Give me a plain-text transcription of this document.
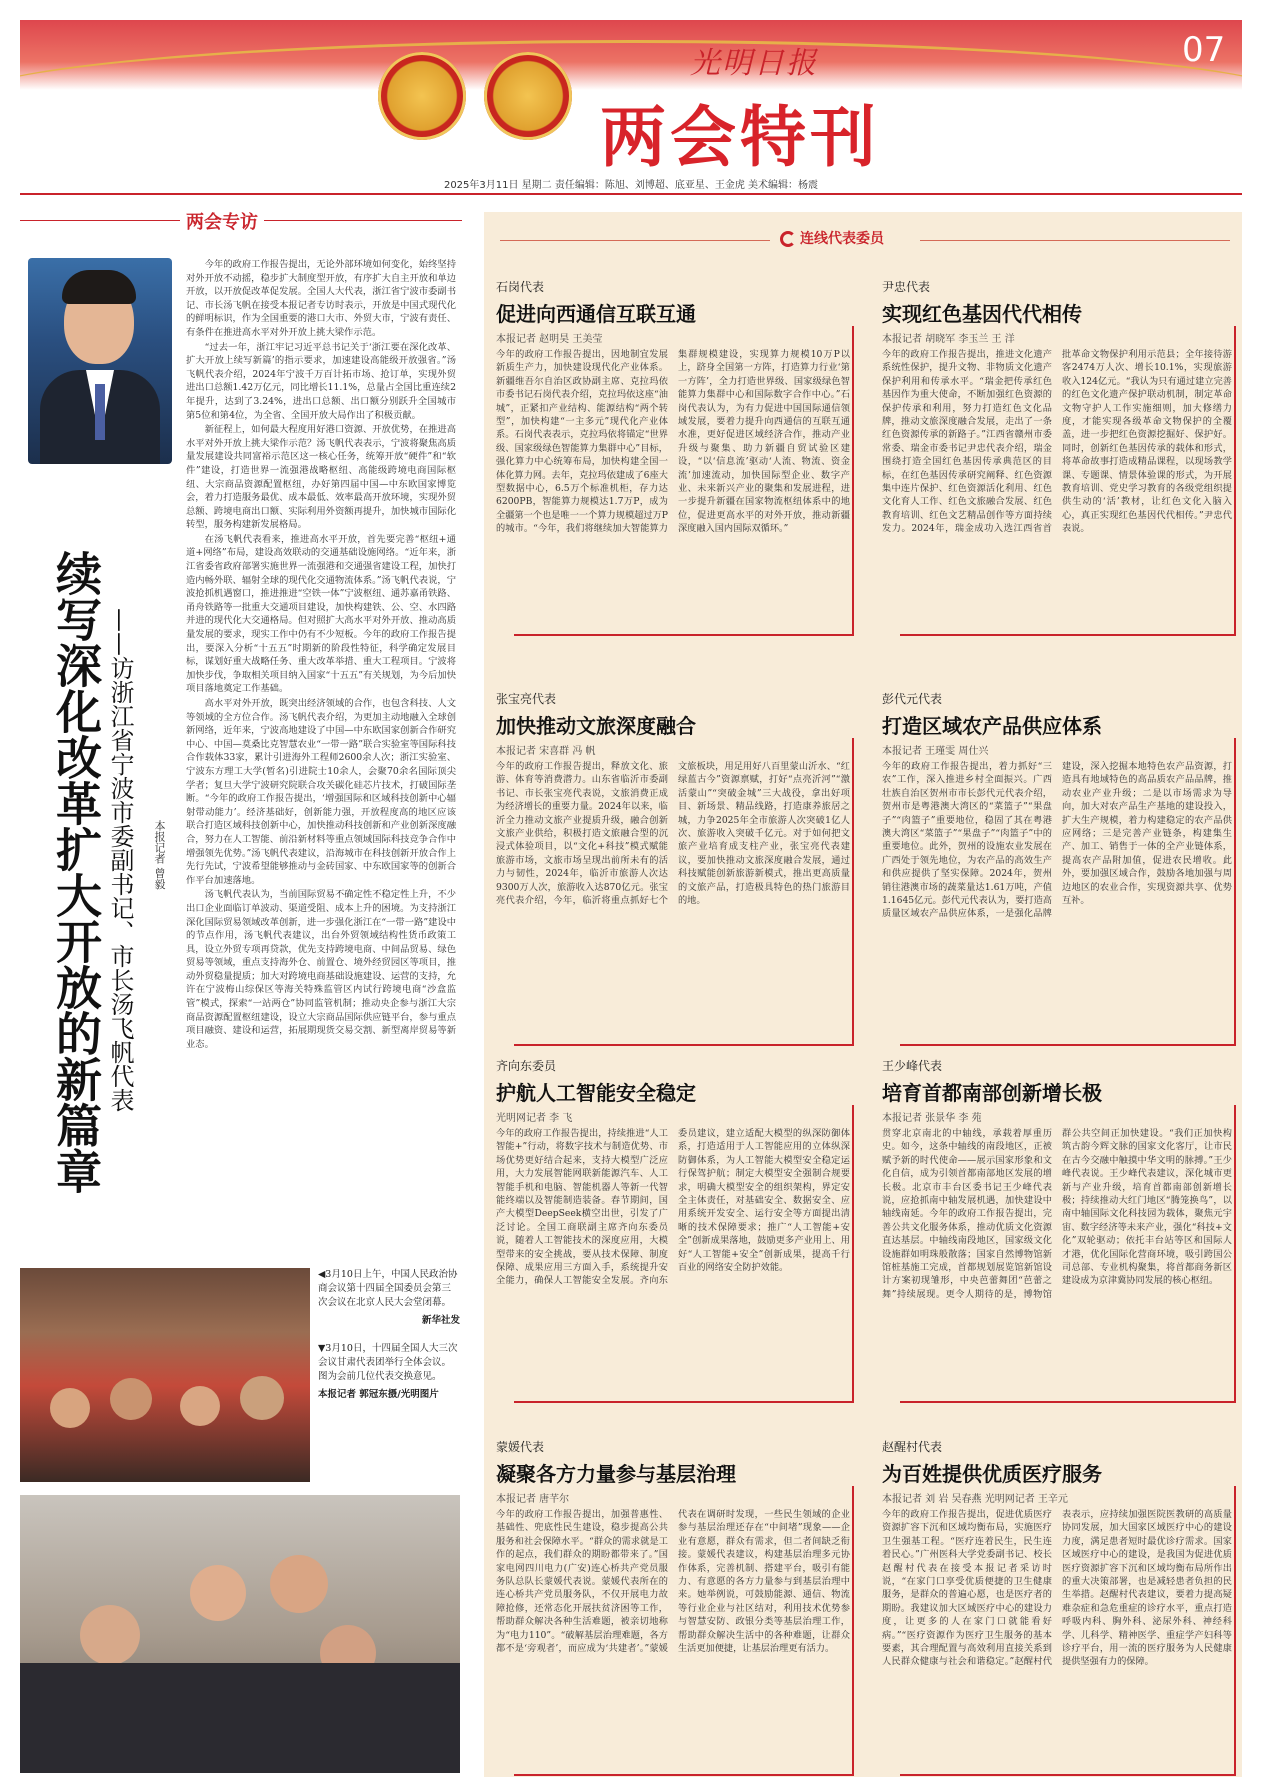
光明日报
两会特刊
07
2025年3月11日 星期二 责任编辑：陈旭、刘博超、底亚星、王金虎 美术编辑：杨震
两会专访
续写深化改革扩大开放的新篇章 ——访浙江省宁波市委副书记、市长汤飞帆代表	本报记者 曾毅

今年的政府工作报告提出，无论外部环境如何变化，始终坚持对外开放不动摇，稳步扩大制度型开放，有序扩大自主开放和单边开放，以开放促改革促发展。全国人大代表，浙江省宁波市委副书记、市长汤飞帆在接受本报记者专访时表示，开放是中国式现代化的鲜明标识，作为全国重要的港口大市、外贸大市，宁波有责任、有条件在推进高水平对外开放上挑大梁作示范。

“过去一年，浙江牢记习近平总书记关于‘浙江要在深化改革、扩大开放上续写新篇’的指示要求，加速建设高能级开放强省。”汤飞帆代表介绍，2024年宁波千万百计拓市场、抢订单，实现外贸进出口总额1.42万亿元，同比增长11.1%，总量占全国比重连续2年提升，达到了3.24%，进出口总额、出口额分别跃升全国城市第5位和第4位，为全省、全国开放大局作出了积极贡献。

新征程上，如何最大程度用好港口资源、开放优势，在推进高水平对外开放上挑大梁作示范？汤飞帆代表表示，宁波将聚焦高质量发展建设共同富裕示范区这一核心任务，统筹开放“硬件”和“软件”建设，打造世界一流强港战略枢纽、高能级跨境电商国际枢纽、大宗商品资源配置枢纽，办好第四届中国—中东欧国家博览会，着力打造服务最优、成本最低、效率最高开放环境，实现外贸总额、跨境电商出口额、实际利用外资额再提升，加快城市国际化转型，服务构建新发展格局。

在汤飞帆代表看来，推进高水平开放，首先要完善“枢纽+通道+网络”布局，建设高效联动的交通基础设施网络。“近年来，浙江省委省政府部署实施世界一流强港和交通强省建设工程，加快打造内畅外联、辐射全球的现代化交通物流体系。”汤飞帆代表说，宁波抢抓机遇窗口，推进推进“空铁一体”宁波枢纽、通苏嘉甬铁路、甬舟铁路等一批重大交通项目建设，加快构建铁、公、空、水四路并进的现代化大交通格局。但对照扩大高水平对外开放、推动高质量发展的要求，现实工作中仍有不少短板。今年的政府工作报告提出，要深入分析“十五五”时期新的阶段性特征，科学确定发展目标，谋划好重大战略任务、重大改革举措、重大工程项目。宁波将加快步伐，争取相关项目纳入国家“十五五”有关规划，为今后加快项目落地奠定工作基础。

高水平对外开放，既突出经济领域的合作，也包含科技、人文等领域的全方位合作。汤飞帆代表介绍，为更加主动地融入全球创新网络，近年来，宁波高地建设了中国—中东欧国家创新合作研究中心、中国—莫桑比克智慧农业“一带一路”联合实验室等国际科技合作载体33家，累计引进海外工程师2600余人次；浙江实验室、宁波东方理工大学(暂名)引进院士10余人，会聚70余名国际顶尖学者；复旦大学宁波研究院联合攻关碳化硅芯片技术，打破国际垄断。“今年的政府工作报告提出，‘增强国际和区域科技创新中心辐射带动能力’。经济基础好，创新能力强，开放程度高的地区应该联合打造区域科技创新中心，加快推动科技创新和产业创新深度融合，努力在人工智能、前沿新材料等重点领域国际科技竞争合作中增强领先优势。”汤飞帆代表建议，沿海城市在科技创新开放合作上先行先试，宁波希望能够推动与金砖国家、中东欧国家等的创新合作平台加速落地。

汤飞帆代表认为，当前国际贸易不确定性不稳定性上升，不少出口企业面临订单波动、渠道受阻、成本上升的困境。为支持浙江深化国际贸易领域改革创新，进一步强化浙江在“一带一路”建设中的节点作用，汤飞帆代表建议，出台外贸领域结构性货币政策工具，设立外贸专项再贷款，优先支持跨境电商、中间品贸易、绿色贸易等领域，重点支持海外仓、前置仓、境外经贸园区等项目，推动外贸稳量提质；加大对跨境电商基础设施建设、运营的支持，允许在宁波梅山综保区等海关特殊监管区内试行跨境电商“沙盒监管”模式，探索“一站两仓”协同监管机制；推动央企参与浙江大宗商品资源配置枢纽建设，设立大宗商品国际供应链平台，参与重点项目融资、建设和运营，拓展期现货交易交割、新型离岸贸易等新业态。

◀3月10日上午，中国人民政治协商会议第十四届全国委员会第三次会议在北京人民大会堂闭幕。
新华社发
▼3月10日，十四届全国人大三次会议甘肃代表团举行全体会议。图为会前几位代表交换意见。
本报记者 郭冠东摄/光明图片
连线代表委员
石岗代表
促进向西通信互联互通
本报记者 赵明昊 王美莹
今年的政府工作报告提出，因地制宜发展新质生产力，加快建设现代化产业体系。新疆维吾尔自治区政协副主席、克拉玛依市委书记石岗代表介绍，克拉玛依这座“油城”，正紧扣产业结构、能源结构“两个转型”，加快构建“一主多元”现代化产业体系。石岗代表表示，克拉玛依将锚定“世界级、国家级绿色智能算力集群中心”目标，强化算力中心统筹布局，加快构建全国一体化算力网。去年，克拉玛依建成了6座大型数据中心，6.5万个标准机柜，存力达6200PB，智能算力规模达1.7万P，成为全疆第一个也是唯一一个算力规模超过万P的城市。“今年，我们将继续加大智能算力集群规模建设，实现算力规模10万P以上，跻身全国第一方阵，打造算力行业‘第一方阵’，全力打造世界级、国家级绿色智能算力集群中心和国际数字合作中心。”石岗代表认为，为有力促进中国国际通信领域发展，要着力提升向西通信的互联互通水准，更好促进区域经济合作，推动产业升级与聚集、助力新疆自贸试验区建设，“以‘信息流’驱动‘人流、物流、资金流’加速流动，加快国际型企业、数字产业、未来新兴产业的聚集和发展进程，进一步提升新疆在国家物流枢纽体系中的地位，促进更高水平的对外开放，推动新疆深度融入国内国际双循环。”
尹忠代表
实现红色基因代代相传
本报记者 胡晓军 李玉兰 王 洋
今年的政府工作报告提出，推进文化遗产系统性保护，提升文物、非物质文化遗产保护利用和传承水平。“瑞金把传承红色基因作为重大使命，不断加强红色资源的保护传承和利用，努力打造红色文化品牌，推动文旅深度融合发展，走出了一条红色资源传承的新路子。”江西省赣州市委常委、瑞金市委书记尹忠代表介绍，瑞金围绕打造全国红色基因传承典范区的目标，在红色基因传承研究阐释、红色资源集中连片保护、红色资源活化利用、红色文化育人工作、红色文旅融合发展、红色教育培训、红色文艺精品创作等方面持续发力。2024年，瑞金成功入选江西省首批革命文物保护利用示范县；全年接待游客2474万人次、增长10.1%，实现旅游收入124亿元。“我认为只有通过建立完善的红色文化遗产保护联动机制，制定革命文物守护人工作实施细则，加大修缮力度，才能实现各级革命文物保护的全覆盖，进一步把红色资源挖掘好、保护好。同时，创新红色基因传承的载体和形式，将革命故事打造成精品课程，以现场教学课、专题课、情景体验课的形式，为开展教育培训、党史学习教育的各级党组织提供生动的‘活’教材，让红色文化入脑入心，真正实现红色基因代代相传。”尹忠代表说。
张宝亮代表
加快推动文旅深度融合
本报记者 宋喜群 冯 帆
今年的政府工作报告提出，释放文化、旅游、体育等消费潜力。山东省临沂市委副书记、市长张宝亮代表说，文旅消费正成为经济增长的重要力量。2024年以来，临沂全力推动文旅产业提质升级，融合创新文旅产业供给，积极打造文旅融合型的沉浸式体验项目，以“文化+科技”模式赋能旅游市场，文旅市场呈现出前所未有的活力与韧性，2024年，临沂市旅游人次达9300万人次，旅游收入达870亿元。张宝亮代表介绍，今年，临沂将重点抓好七个文旅板块，用足用好八百里蒙山沂水、“红绿蓝古今”资源禀赋，打好“点亮沂河”“激活蒙山”“突破金城”三大战役，拿出好项目、新场景、精品线路，打造康养旅居之城，力争2025年全市旅游人次突破1亿人次、旅游收入突破千亿元。对于如何把文旅产业培育成支柱产业，张宝亮代表建议，要加快推动文旅深度融合发展，通过科技赋能创新旅游新模式，推出更高质量的文旅产品，打造极具特色的热门旅游目的地。
彭代元代表
打造区域农产品供应体系
本报记者 王瑾雯 周仕兴
今年的政府工作报告提出，着力抓好“三农”工作，深入推进乡村全面振兴。广西壮族自治区贺州市市长彭代元代表介绍，贺州市是粤港澳大湾区的“菜篮子”“果盘子”“肉篮子”重要地位，稳固了其在粤港澳大湾区“菜篮子”“果盘子”“肉篮子”中的重要地位。此外，贺州的设施农业发展在广西处于领先地位，为农产品的高效生产和供应提供了坚实保障。2024年，贺州销往港澳市场的蔬菜量达1.61万吨，产值1.1645亿元。彭代元代表认为，要打造高质量区域农产品供应体系，一是强化品牌建设，深入挖掘本地特色农产品资源，打造具有地域特色的高品质农产品品牌，推动农业产业升级；二是以市场需求为导向，加大对农产品生产基地的建设投入，扩大生产规模，着力构建稳定的农产品供应网络；三是完善产业链条，构建集生产、加工、销售于一体的全产业链体系，提高农产品附加值，促进农民增收。此外，要加强区域合作，鼓励各地加强与周边地区的农业合作，实现资源共享、优势互补。
齐向东委员
护航人工智能安全稳定
光明网记者 李 飞
今年的政府工作报告提出，持续推进“人工智能+”行动，将数字技术与制造优势、市场优势更好结合起来，支持大模型广泛应用，大力发展智能网联新能源汽车、人工智能手机和电脑、智能机器人等新一代智能终端以及智能制造装备。春节期间，国产大模型DeepSeek横空出世，引发了广泛讨论。全国工商联副主席齐向东委员说，随着人工智能技术的深度应用，大模型带来的安全挑战，要从技术保障、制度保障、成果应用三方面入手，系统提升安全能力，确保人工智能安全发展。齐向东委员建议，建立适配大模型的纵深防御体系，打造适用于人工智能应用的立体纵深防御体系，为人工智能大模型安全稳定运行保驾护航；制定大模型安全强制合规要求，明确大模型安全的组织架构，界定安全主体责任，对基础安全、数据安全、应用系统开发安全、运行安全等方面提出清晰的技术保障要求；推广“人工智能+安全”创新成果落地，鼓励更多产业用上、用好“人工智能+安全”创新成果，提高千行百业的网络安全防护效能。
王少峰代表
培育首都南部创新增长极
本报记者 张景华 李 苑
贯穿北京南北的中轴线，承载着厚重历史。如今，这条中轴线的南段地区，正被赋予新的时代使命——展示国家形象和文化自信，成为引领首都南部地区发展的增长极。北京市丰台区委书记王少峰代表说，应抢抓南中轴发展机遇，加快建设中轴线南延。今年的政府工作报告提出，完善公共文化服务体系，推动优质文化资源直达基层。中轴线南段地区，国家级文化设施群如明珠般散落；国家自然博物馆新馆桩基施工完成，首都规划展览馆新馆设计方案初现雏形，中央芭蕾舞团“芭蕾之舞”持续展现。更令人期待的是，博物馆群公共空间正加快建设。“我们正加快构筑古韵今辉文脉的国家文化客厅，让市民在古今交融中触摸中华文明的脉搏。”王少峰代表说。王少峰代表建议，深化城市更新与产业升级，培育首都南部创新增长极；持续推动大红门地区“腾笼换鸟”，以南中轴国际文化科技园为载体，聚焦元宇宙、数字经济等未来产业，强化“科技+文化”双轮驱动；依托丰台站等区和国际人才港，优化国际化营商环境，吸引跨国公司总部、专业机构聚集，将首都商务新区建设成为京津冀协同发展的核心枢纽。
蒙媛代表
凝聚各方力量参与基层治理
本报记者 唐芊尔
今年的政府工作报告提出，加强普惠性、基础性、兜底性民生建设，稳步提高公共服务和社会保障水平。“群众的需求就是工作的起点，我们群众的期盼都带来了。”国家电网四川电力(广安)连心桥共产党员服务队总队长蒙媛代表说。蒙媛代表所在的连心桥共产党员服务队，不仅开展电力故障抢修，还常态化开展扶贫济困等工作，帮助群众解决各种生活难题，被亲切地称为“电力110”。“破解基层治理难题，各方都不是‘旁观者’，而应成为‘共建者’。”蒙媛代表在调研时发现，一些民生领域的企业参与基层治理还存在“中间堵”现象——企业有意愿，群众有需求，但二者间缺乏衔接。蒙媛代表建议，构建基层治理多元协作体系，完善机制、搭建平台，吸引有能力、有意愿的各方力量参与到基层治理中来。她举例说，可鼓励能源、通信、物流等行业企业与社区结对，利用技术优势参与智慧安防、政银分类等基层治理工作，帮助群众解决生活中的各种难题，让群众生活更加便捷，让基层治理更有活力。
赵醒村代表
为百姓提供优质医疗服务
本报记者 刘 岩 吴春燕 光明网记者 王辛元
今年的政府工作报告提出，促进优质医疗资源扩容下沉和区域均衡布局，实施医疗卫生强基工程。“医疗连着民生，民生连着民心。”广州医科大学党委副书记、校长赵醒村代表在接受本报记者采访时说，“在家门口享受优质便捷的卫生健康服务，是群众的普遍心愿，也是医疗者的期盼。我建议加大区域医疗中心的建设力度，让更多的人在家门口就能看好病。”“医疗资源作为医疗卫生服务的基本要素，其合理配置与高效利用直接关系到人民群众健康与社会和谐稳定。”赵醒村代表表示，应持续加强医院医教研的高质量协同发展，加大国家区域医疗中心的建设力度，满足患者短时最优诊疗需求。国家区域医疗中心的建设，是我国为促进优质医疗资源扩容下沉和区域均衡布局所作出的重大决策部署，也是减轻患者负担的民生举措。赵醒村代表建议，要着力提高疑难杂症和急危重症的诊疗水平，重点打造呼吸内科、胸外科、泌尿外科、神经科学、儿科学、精神医学、重症学产妇科等诊疗平台，用一流的医疗服务为人民健康提供坚强有力的保障。
